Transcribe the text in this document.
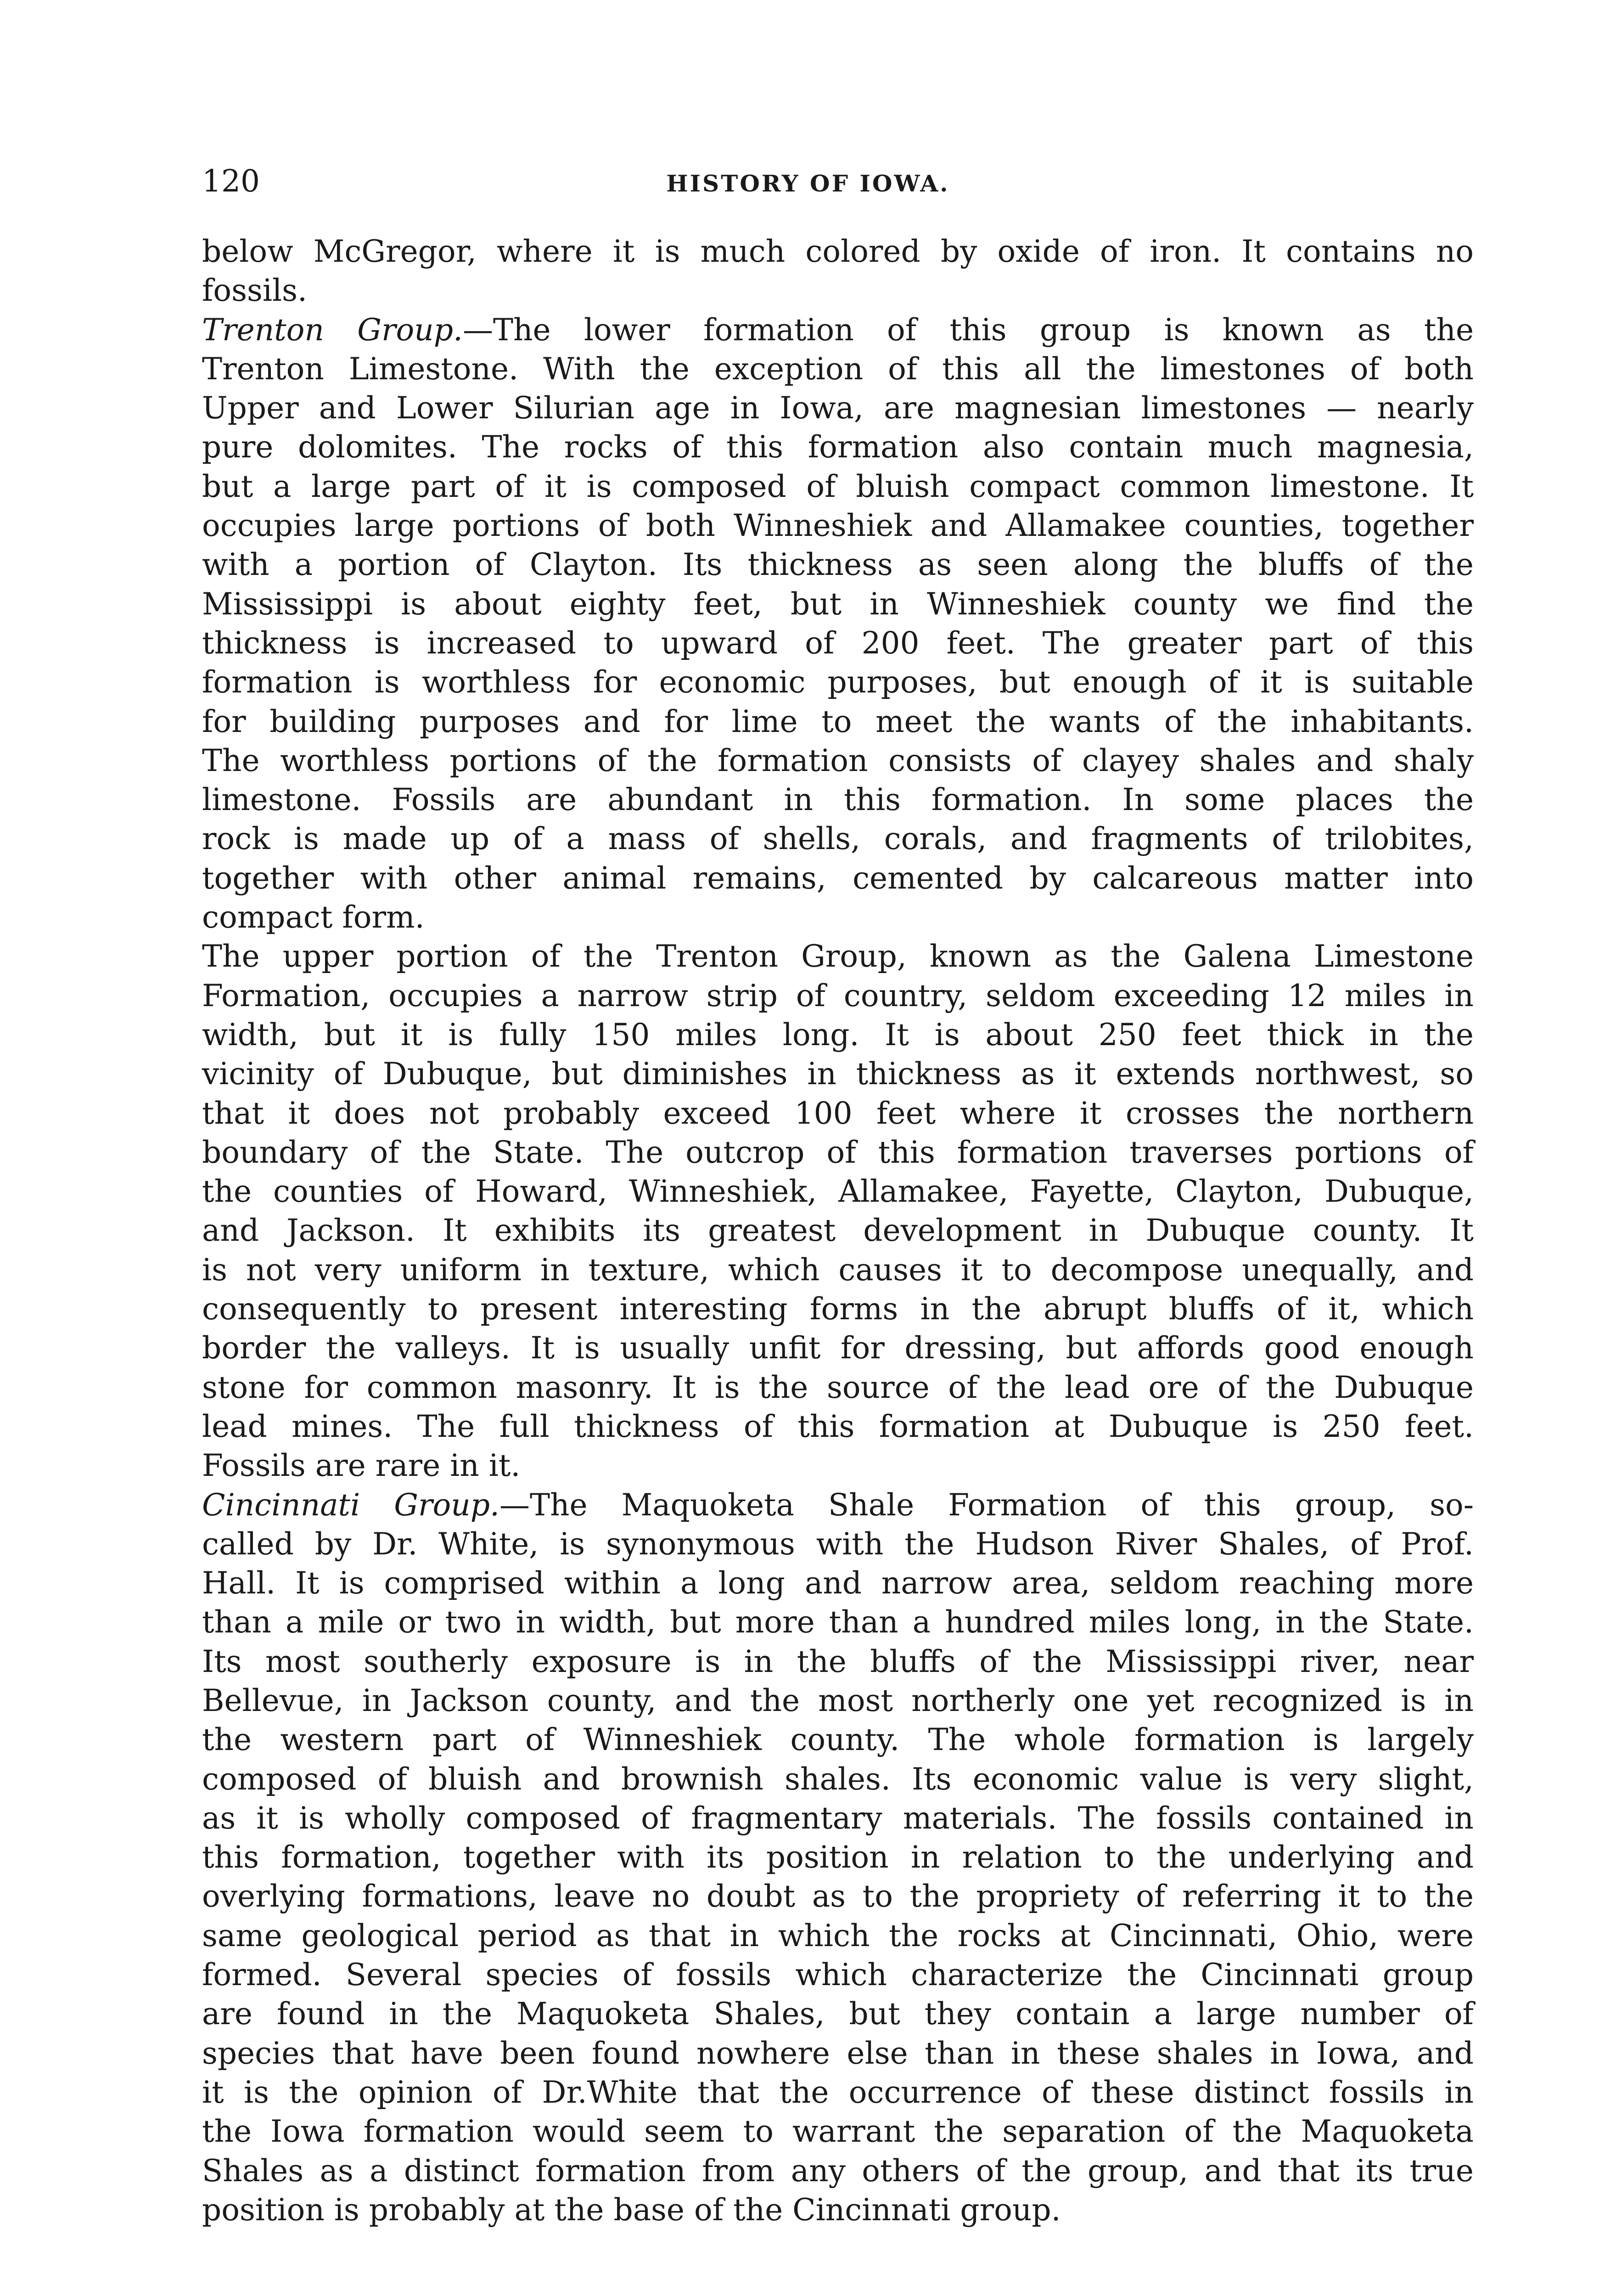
120	HISTORY OF IOWA.
below McGregor, where it is much colored by oxide of iron. It contains no
fossils.
Trenton Group.—The lower formation of this group is known as the
Trenton Limestone. With the exception of this all the limestones of both
Upper and Lower Silurian age in Iowa, are magnesian limestones — nearly
pure dolomites. The rocks of this formation also contain much magnesia,
but a large part of it is composed of bluish compact common limestone. It
occupies large portions of both Winneshiek and Allamakee counties, together
with a portion of Clayton. Its thickness as seen along the bluffs of the
Mississippi is about eighty feet, but in Winneshiek county we find the
thickness is increased to upward of 200 feet. The greater part of this
formation is worthless for economic purposes, but enough of it is suitable
for building purposes and for lime to meet the wants of the inhabitants.
The worthless portions of the formation consists of clayey shales and shaly
limestone. Fossils are abundant in this formation. In some places the
rock is made up of a mass of shells, corals, and fragments of trilobites,
together with other animal remains, cemented by calcareous matter into
compact form.
The upper portion of the Trenton Group, known as the Galena Limestone
Formation, occupies a narrow strip of country, seldom exceeding 12 miles in
width, but it is fully 150 miles long. It is about 250 feet thick in the
vicinity of Dubuque, but diminishes in thickness as it extends northwest, so
that it does not probably exceed 100 feet where it crosses the northern
boundary of the State. The outcrop of this formation traverses portions of
the counties of Howard, Winneshiek, Allamakee, Fayette, Clayton, Dubuque,
and Jackson. It exhibits its greatest development in Dubuque county. It
is not very uniform in texture, which causes it to decompose unequally, and
consequently to present interesting forms in the abrupt bluffs of it, which
border the valleys. It is usually unfit for dressing, but affords good enough
stone for common masonry. It is the source of the lead ore of the Dubuque
lead mines. The full thickness of this formation at Dubuque is 250 feet.
Fossils are rare in it.
Cincinnati Group.—The Maquoketa Shale Formation of this group, so-
called by Dr. White, is synonymous with the Hudson River Shales, of Prof.
Hall. It is comprised within a long and narrow area, seldom reaching more
than a mile or two in width, but more than a hundred miles long, in the State.
Its most southerly exposure is in the bluffs of the Mississippi river, near
Bellevue, in Jackson county, and the most northerly one yet recognized is in
the western part of Winneshiek county. The whole formation is largely
composed of bluish and brownish shales. Its economic value is very slight,
as it is wholly composed of fragmentary materials. The fossils contained in
this formation, together with its position in relation to the underlying and
overlying formations, leave no doubt as to the propriety of referring it to the
same geological period as that in which the rocks at Cincinnati, Ohio, were
formed. Several species of fossils which characterize the Cincinnati group
are found in the Maquoketa Shales, but they contain a large number of
species that have been found nowhere else than in these shales in Iowa, and
it is the opinion of Dr.White that the occurrence of these distinct fossils in
the Iowa formation would seem to warrant the separation of the Maquoketa
Shales as a distinct formation from any others of the group, and that its true
position is probably at the base of the Cincinnati group.
